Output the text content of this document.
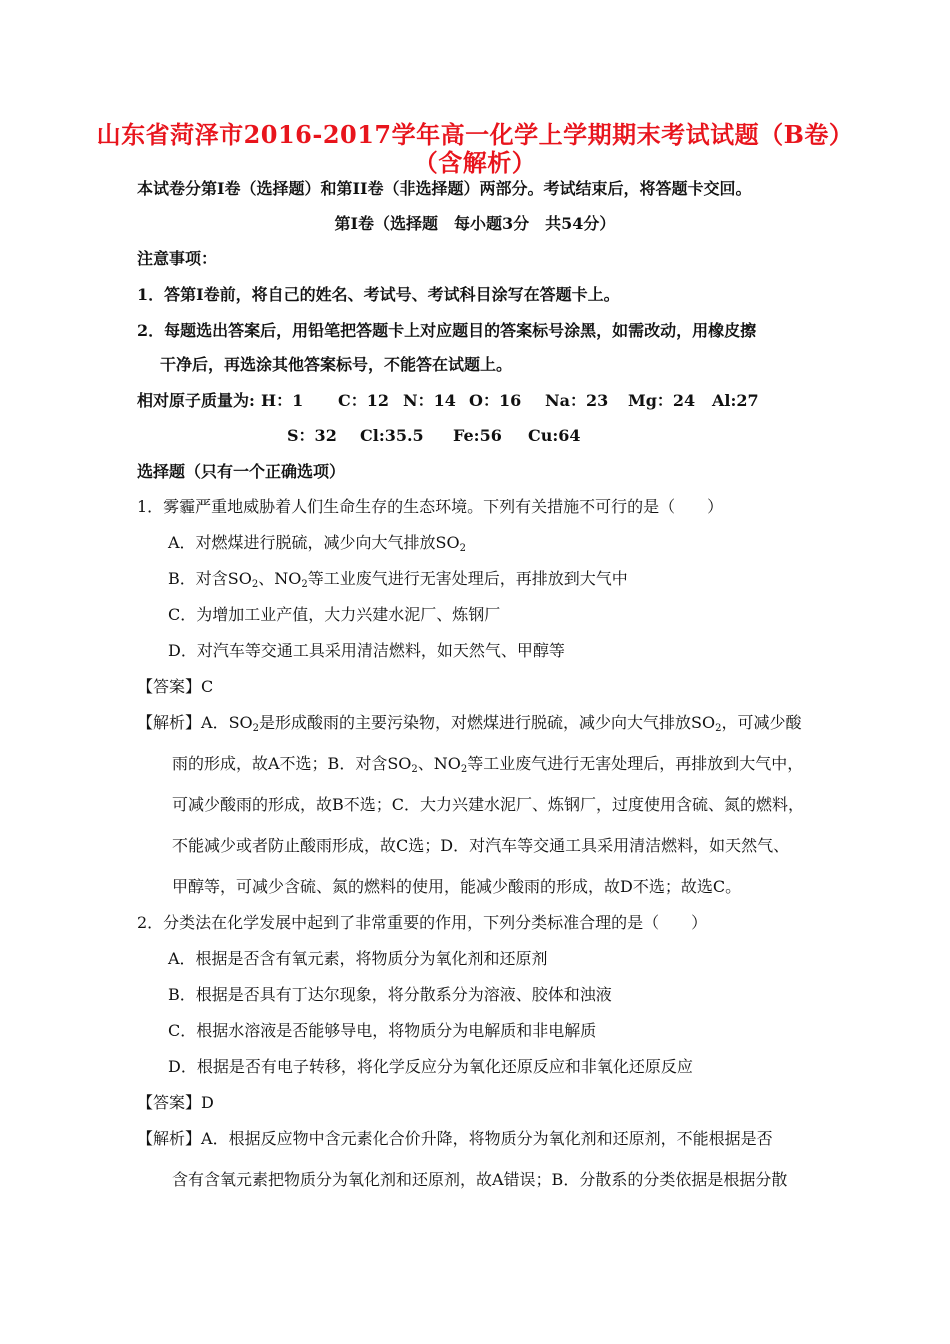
山东省菏泽市2016-2017学年高一化学上学期期末考试试题（B卷）
（含解析）
本试卷分第Ⅰ卷（选择题）和第II卷（非选择题）两部分。考试结束后，将答题卡交回。
第Ⅰ卷（选择题　每小题3分　共54分）
注意事项：
1．答第Ⅰ卷前，将自己的姓名、考试号、考试科目涂写在答题卡上。
2．每题选出答案后，用铅笔把答题卡上对应题目的答案标号涂黑，如需改动，用橡皮擦
干净后，再选涂其他答案标号，不能答在试题上。
相对原子质量为: H：1 C：12 N：14 O：16 Na：23 Mg：24 Al:27
S：32 Cl:35.5 Fe:56 Cu:64
选择题（只有一个正确选项）
1．雾霾严重地威胁着人们生命生存的生态环境。下列有关措施不可行的是（　　）
A．对燃煤进行脱硫，减少向大气排放$SO_2$
B．对含$SO_2$、$NO_2$等工业废气进行无害处理后，再排放到大气中
C．为增加工业产值，大力兴建水泥厂、炼钢厂
D．对汽车等交通工具采用清洁燃料，如天然气、甲醇等
【答案】C
【解析】A．$SO_2$是形成酸雨的主要污染物，对燃煤进行脱硫，减少向大气排放$SO_2$，可减少酸
雨的形成，故A不选；B．对含$SO_2$、$NO_2$等工业废气进行无害处理后，再排放到大气中，
可减少酸雨的形成，故B不选；C．大力兴建水泥厂、炼钢厂，过度使用含硫、氮的燃料，
不能减少或者防止酸雨形成，故C选；D．对汽车等交通工具采用清洁燃料，如天然气、
甲醇等，可减少含硫、氮的燃料的使用，能减少酸雨的形成，故D不选；故选C。
2．分类法在化学发展中起到了非常重要的作用，下列分类标准合理的是（　　）
A．根据是否含有氧元素，将物质分为氧化剂和还原剂
B．根据是否具有丁达尔现象，将分散系分为溶液、胶体和浊液
C．根据水溶液是否能够导电，将物质分为电解质和非电解质
D．根据是否有电子转移，将化学反应分为氧化还原反应和非氧化还原反应
【答案】D
【解析】A．根据反应物中含元素化合价升降，将物质分为氧化剂和还原剂，不能根据是否
含有含氧元素把物质分为氧化剂和还原剂，故A错误；B．分散系的分类依据是根据分散
